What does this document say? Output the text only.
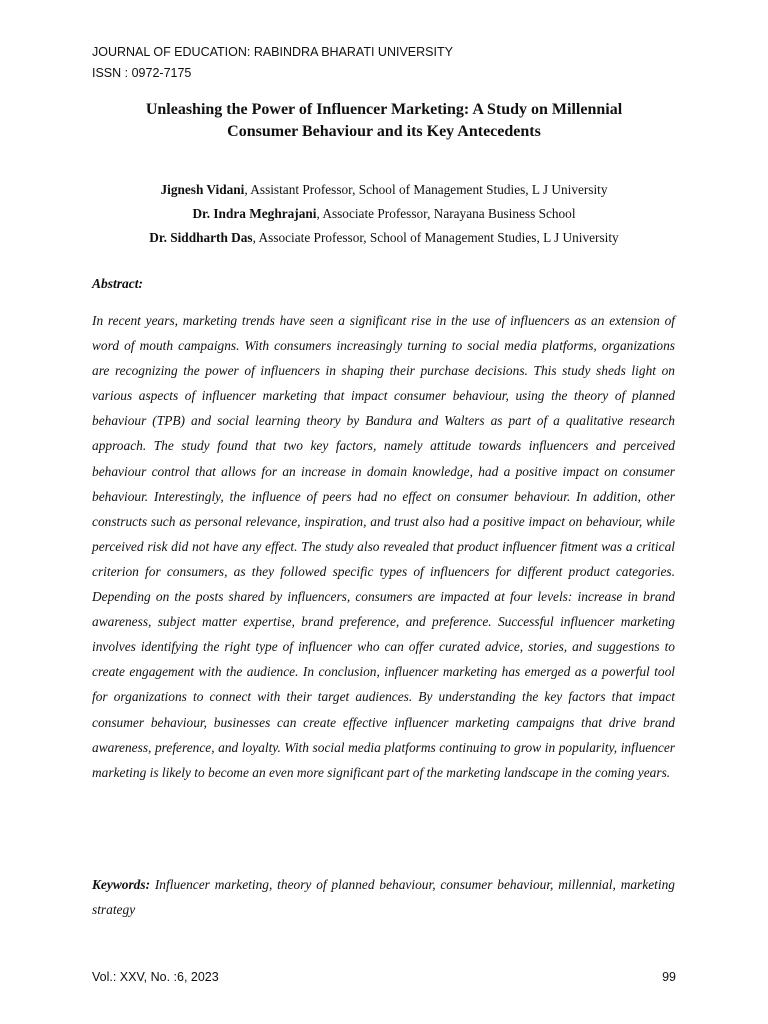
JOURNAL OF EDUCATION: RABINDRA BHARATI UNIVERSITY
ISSN : 0972-7175
Unleashing the Power of Influencer Marketing: A Study on Millennial
Consumer Behaviour and its Key Antecedents
Jignesh Vidani, Assistant Professor, School of Management Studies, L J University
Dr. Indra Meghrajani, Associate Professor, Narayana Business School
Dr. Siddharth Das, Associate Professor, School of Management Studies, L J University
Abstract:

In recent years, marketing trends have seen a significant rise in the use of influencers as an extension of word of mouth campaigns. With consumers increasingly turning to social media platforms, organizations are recognizing the power of influencers in shaping their purchase decisions. This study sheds light on various aspects of influencer marketing that impact consumer behaviour, using the theory of planned behaviour (TPB) and social learning theory by Bandura and Walters as part of a qualitative research approach. The study found that two key factors, namely attitude towards influencers and perceived behaviour control that allows for an increase in domain knowledge, had a positive impact on consumer behaviour. Interestingly, the influence of peers had no effect on consumer behaviour. In addition, other constructs such as personal relevance, inspiration, and trust also had a positive impact on behaviour, while perceived risk did not have any effect. The study also revealed that product influencer fitment was a critical criterion for consumers, as they followed specific types of influencers for different product categories. Depending on the posts shared by influencers, consumers are impacted at four levels: increase in brand awareness, subject matter expertise, brand preference, and preference. Successful influencer marketing involves identifying the right type of influencer who can offer curated advice, stories, and suggestions to create engagement with the audience. In conclusion, influencer marketing has emerged as a powerful tool for organizations to connect with their target audiences. By understanding the key factors that impact consumer behaviour, businesses can create effective influencer marketing campaigns that drive brand awareness, preference, and loyalty. With social media platforms continuing to grow in popularity, influencer marketing is likely to become an even more significant part of the marketing landscape in the coming years.

Keywords: Influencer marketing, theory of planned behaviour, consumer behaviour, millennial, marketing strategy

Vol.: XXV, No. :6, 2023	99
